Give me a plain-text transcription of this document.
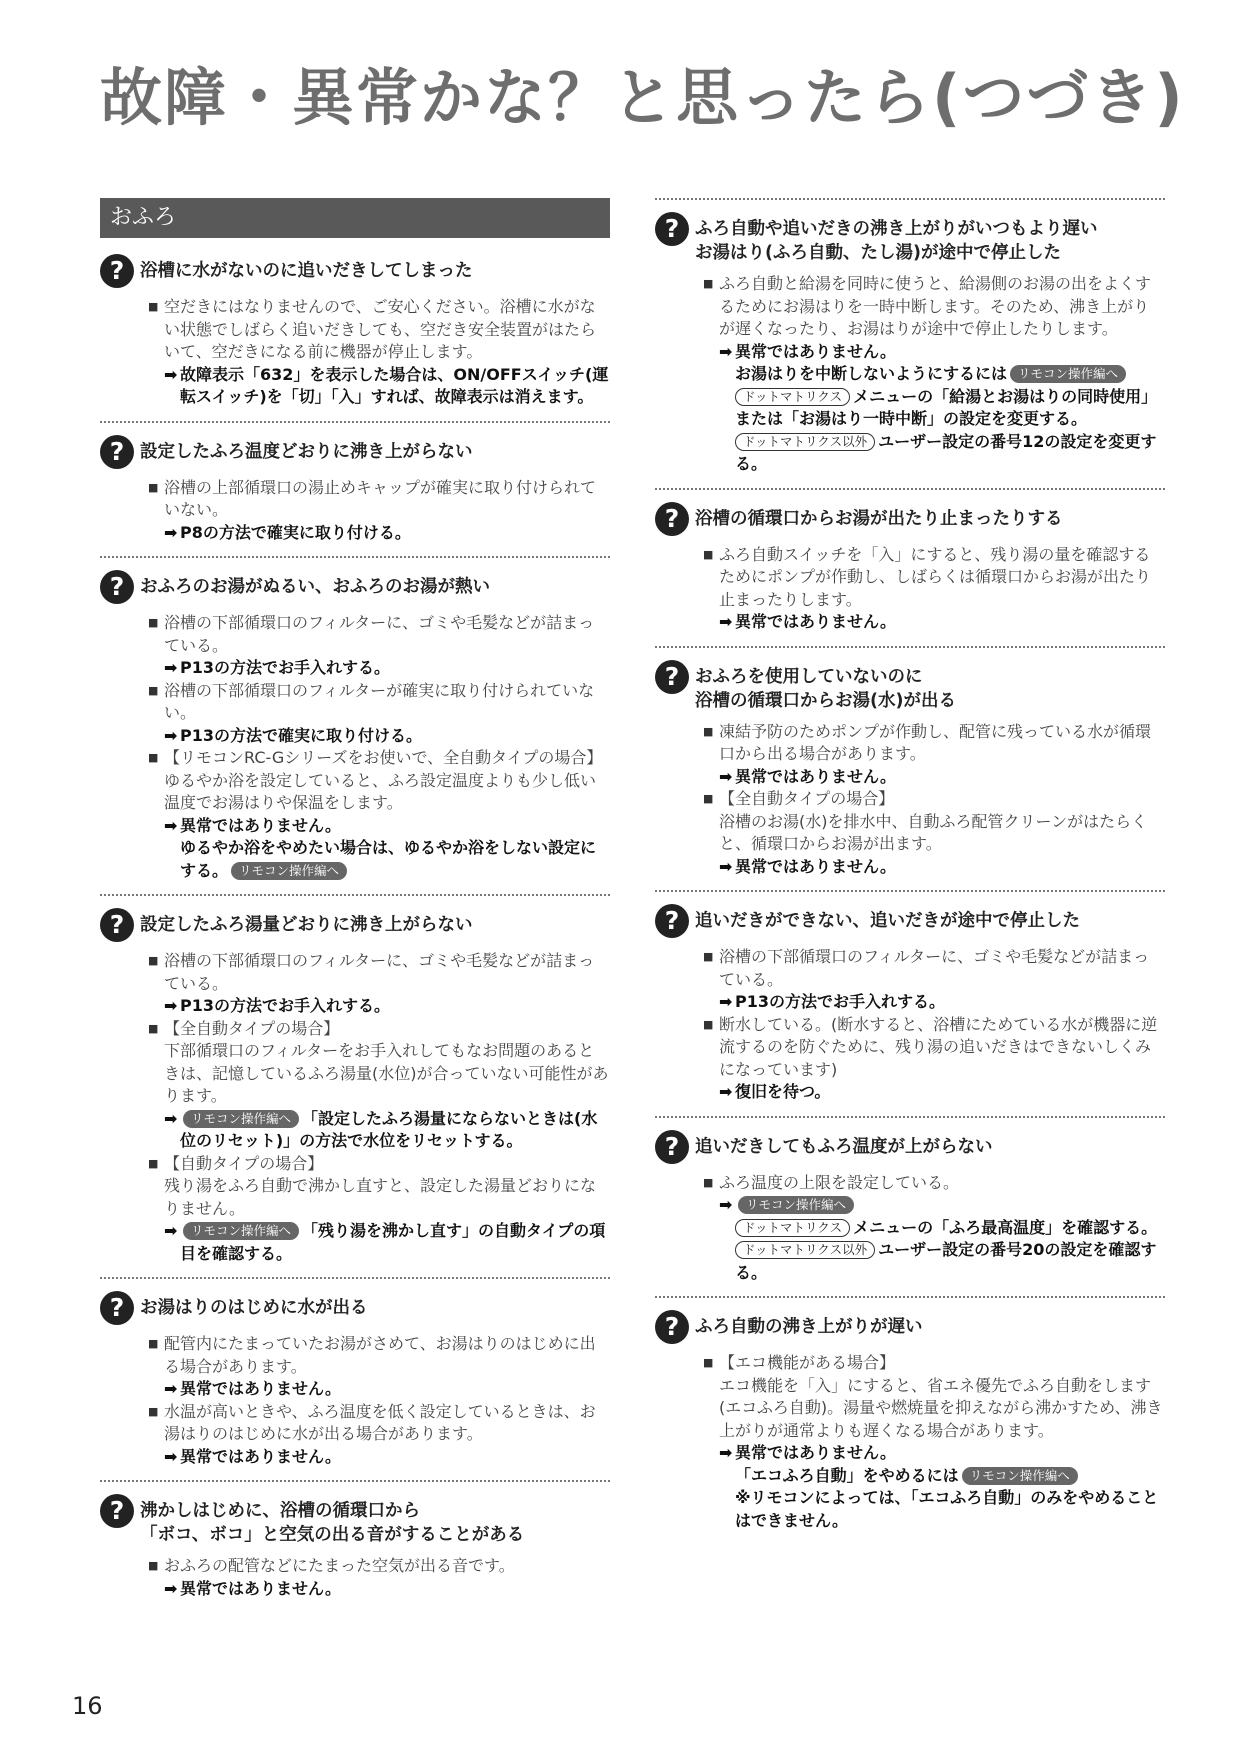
故障・異常かな？と思ったら(つづき)
おふろ
? 浴槽に水がないのに追いだきしてしまった
■ 空だきにはなりませんので、ご安心ください。浴槽に水がない状態でしばらく追いだきしても、空だき安全装置がはたらいて、空だきになる前に機器が停止します。
➡ 故障表示「632」を表示した場合は、ON/OFFスイッチ(運転スイッチ)を「切」「入」すれば、故障表示は消えます。
? 設定したふろ温度どおりに沸き上がらない
■ 浴槽の上部循環口の湯止めキャップが確実に取り付けられていない。
➡ P8の方法で確実に取り付ける。
? おふろのお湯がぬるい、おふろのお湯が熱い
■ 浴槽の下部循環口のフィルターに、ゴミや毛髪などが詰まっている。
➡ P13の方法でお手入れする。
■ 浴槽の下部循環口のフィルターが確実に取り付けられていない。
➡ P13の方法で確実に取り付ける。
■ 【リモコンRC-Gシリーズをお使いで、全自動タイプの場合】
ゆるやか浴を設定していると、ふろ設定温度よりも少し低い温度でお湯はりや保温をします。
➡ 異常ではありません。
ゆるやか浴をやめたい場合は、ゆるやか浴をしない設定にする。 リモコン操作編へ
? 設定したふろ湯量どおりに沸き上がらない
■ 浴槽の下部循環口のフィルターに、ゴミや毛髪などが詰まっている。
➡ P13の方法でお手入れする。
■ 【全自動タイプの場合】
下部循環口のフィルターをお手入れしてもなお問題のあるときは、記憶しているふろ湯量(水位)が合っていない可能性があります。
➡ リモコン操作編へ 「設定したふろ湯量にならないときは(水位のリセット)」の方法で水位をリセットする。
■ 【自動タイプの場合】
残り湯をふろ自動で沸かし直すと、設定した湯量どおりになりません。
➡ リモコン操作編へ 「残り湯を沸かし直す」の自動タイプの項目を確認する。
? お湯はりのはじめに水が出る
■ 配管内にたまっていたお湯がさめて、お湯はりのはじめに出る場合があります。
➡ 異常ではありません。
■ 水温が高いときや、ふろ温度を低く設定しているときは、お湯はりのはじめに水が出る場合があります。
➡ 異常ではありません。
? 沸かしはじめに、浴槽の循環口から
「ボコ、ボコ」と空気の出る音がすることがある
■ おふろの配管などにたまった空気が出る音です。
➡ 異常ではありません。
? ふろ自動や追いだきの沸き上がりがいつもより遅い
お湯はり(ふろ自動、たし湯)が途中で停止した
■ ふろ自動と給湯を同時に使うと、給湯側のお湯の出をよくするためにお湯はりを一時中断します。そのため、沸き上がりが遅くなったり、お湯はりが途中で停止したりします。
➡ 異常ではありません。
お湯はりを中断しないようにするには リモコン操作編へ
ドットマトリクス メニューの「給湯とお湯はりの同時使用」または「お湯はり一時中断」の設定を変更する。
ドットマトリクス以外 ユーザー設定の番号12の設定を変更する。
? 浴槽の循環口からお湯が出たり止まったりする
■ ふろ自動スイッチを「入」にすると、残り湯の量を確認するためにポンプが作動し、しばらくは循環口からお湯が出たり止まったりします。
➡ 異常ではありません。
? おふろを使用していないのに
浴槽の循環口からお湯(水)が出る
■ 凍結予防のためポンプが作動し、配管に残っている水が循環口から出る場合があります。
➡ 異常ではありません。
■ 【全自動タイプの場合】
浴槽のお湯(水)を排水中、自動ふろ配管クリーンがはたらくと、循環口からお湯が出ます。
➡ 異常ではありません。
? 追いだきができない、追いだきが途中で停止した
■ 浴槽の下部循環口のフィルターに、ゴミや毛髪などが詰まっている。
➡ P13の方法でお手入れする。
■ 断水している。(断水すると、浴槽にためている水が機器に逆流するのを防ぐために、残り湯の追いだきはできないしくみになっています)
➡ 復旧を待つ。
? 追いだきしてもふろ温度が上がらない
■ ふろ温度の上限を設定している。
➡ リモコン操作編へ
ドットマトリクス メニューの「ふろ最高温度」を確認する。
ドットマトリクス以外 ユーザー設定の番号20の設定を確認する。
? ふろ自動の沸き上がりが遅い
■ 【エコ機能がある場合】
エコ機能を「入」にすると、省エネ優先でふろ自動をします(エコふろ自動)。湯量や燃焼量を抑えながら沸かすため、沸き上がりが通常よりも遅くなる場合があります。
➡ 異常ではありません。
「エコふろ自動」をやめるには リモコン操作編へ
※リモコンによっては、「エコふろ自動」のみをやめることはできません。
16
